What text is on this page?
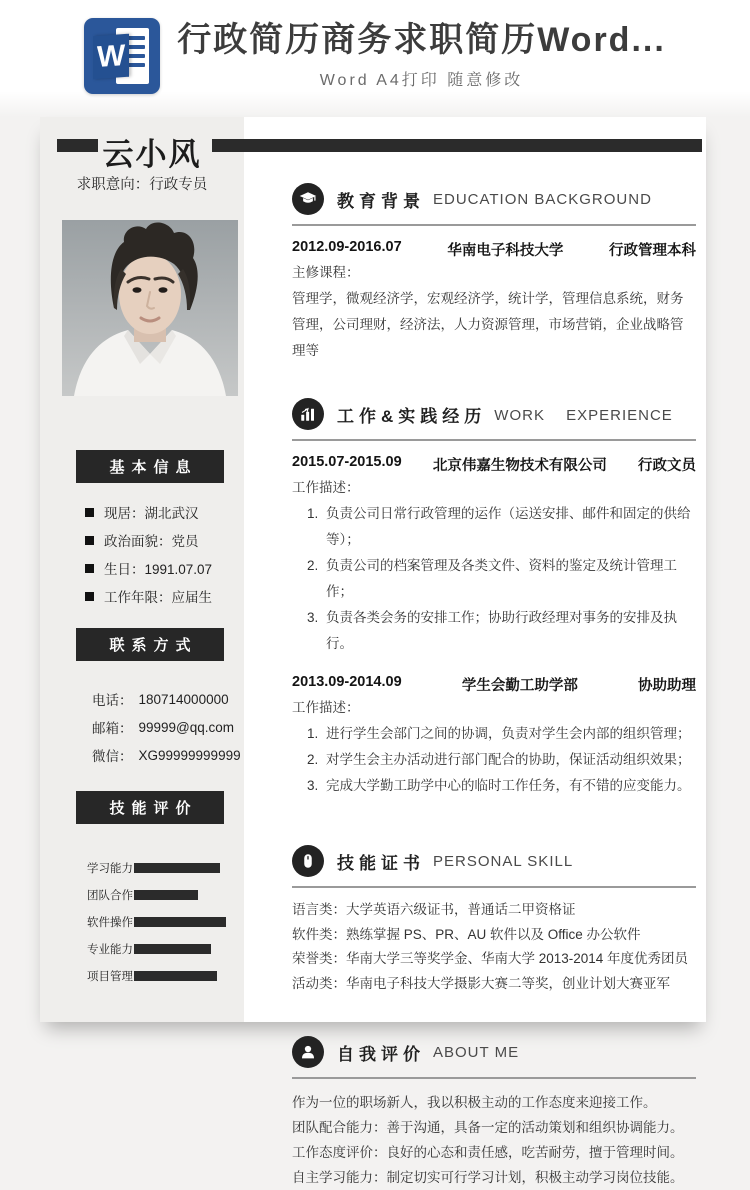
W 行政简历商务求职简历Word...

Word A4打印 随意修改

云小风

求职意向：行政专员

基本信息
现居：湖北武汉
政治面貌：党员
生日：1991.07.07
工作年限：应届生
联系方式
电话： 180714000000
邮箱： 99999@qq.com
微信： XG99999999999
技能评价
学习能力
团队合作
软件操作
专业能力
项目管理
教育背景 EDUCATION BACKGROUND
2012.09-2016.07	华南电子科技大学	行政管理本科

主修课程：

管理学，微观经济学，宏观经济学，统计学，管理信息系统，财务管理，公司理财，经济法，人力资源管理，市场营销，企业战略管理等

工作&实践经历 WORK 　EXPERIENCE
2015.07-2015.09 北京伟嘉生物技术有限公司 行政文员

工作描述：

1. 负责公司日常行政管理的运作（运送安排、邮件和固定的供给等）；
2. 负责公司的档案管理及各类文件、资料的鉴定及统计管理工作；
3. 负责各类会务的安排工作；协助行政经理对事务的安排及执行。
2013.09-2014.09	学生会勤工助学部	协助助理

工作描述：

1. 进行学生会部门之间的协调，负责对学生会内部的组织管理；
2. 对学生会主办活动进行部门配合的协助，保证活动组织效果；
3. 完成大学勤工助学中心的临时工作任务，有不错的应变能力。
技能证书 PERSONAL SKILL

语言类：大学英语六级证书，普通话二甲资格证

软件类：熟练掌握 PS、PR、AU 软件以及 Office 办公软件

荣誉类：华南大学三等奖学金、华南大学 2013-2014 年度优秀团员

活动类：华南电子科技大学摄影大赛二等奖，创业计划大赛亚军

自我评价 ABOUT ME

作为一位的职场新人，我以积极主动的工作态度来迎接工作。

团队配合能力：善于沟通，具备一定的活动策划和组织协调能力。

工作态度评价：良好的心态和责任感，吃苦耐劳，擅于管理时间。

自主学习能力：制定切实可行学习计划，积极主动学习岗位技能。
